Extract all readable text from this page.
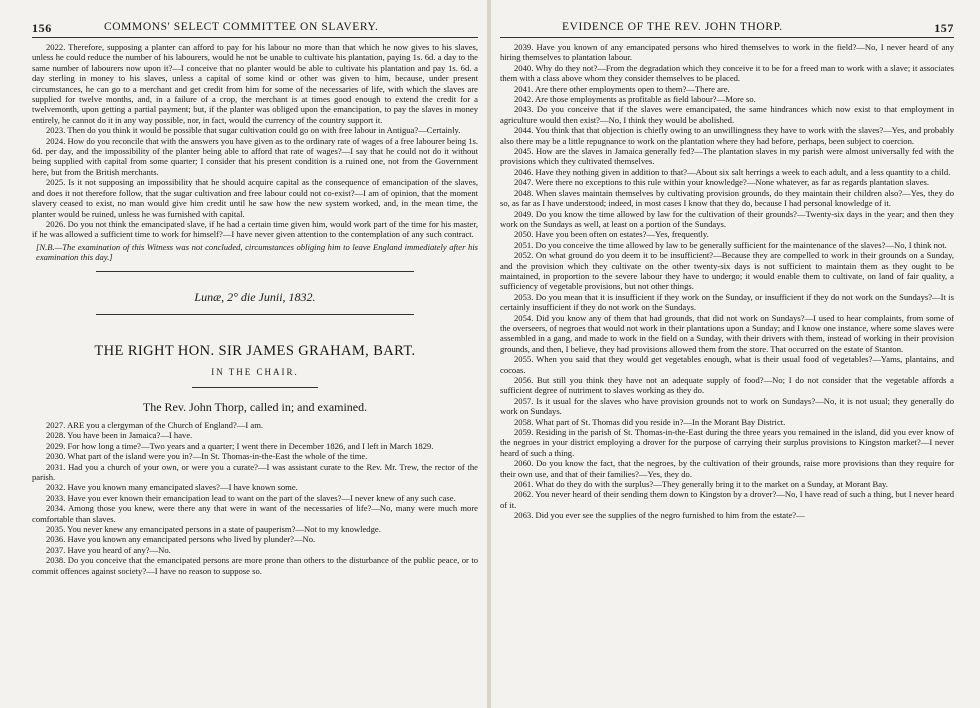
156	COMMONS' SELECT COMMITTEE ON SLAVERY.

2022. Therefore, supposing a planter can afford to pay for his labour no more than that which he now gives to his slaves, unless he could reduce the number of his labourers, would he not be unable to cultivate his plantation, paying 1s. 6d. a day to the same number of labourers now upon it?—I conceive that no planter would be able to cultivate his plantation and pay 1s. 6d. a day sterling in money to his slaves, unless a capital of some kind or other was given to him, because, under present circumstances, he can go to a merchant and get credit from him for some of the necessaries of life, with which the slaves are supplied for twelve months, and, in a failure of a crop, the merchant is at times good enough to extend the credit for a twelvemonth, upon getting a partial payment; but, if the planter was obliged upon the emancipation, to pay the slaves in money entirely, he cannot do it in any way possible, nor, in fact, would the currency of the country support it.

2023. Then do you think it would be possible that sugar cultivation could go on with free labour in Antigua?—Certainly.

2024. How do you reconcile that with the answers you have given as to the ordinary rate of wages of a free labourer being 1s. 6d. per day, and the impossibility of the planter being able to afford that rate of wages?—I say that he could not do it without being supplied with capital from some quarter; I consider that his present condition is a ruined one, not from the Government here, but from the British merchants.

2025. Is it not supposing an impossibility that he should acquire capital as the consequence of emancipation of the slaves, and does it not therefore follow, that the sugar cultivation and free labour could not co-exist?—I am of opinion, that the moment slavery ceased to exist, no man would give him credit until he saw how the new system worked, and, in the mean time, the planter would be ruined, unless he was furnished with capital.

2026. Do you not think the emancipated slave, if he had a certain time given him, would work part of the time for his master, if he was allowed a sufficient time to work for himself?—I have never given attention to the contemplation of any such contract.

[N.B.—The examination of this Witness was not concluded, circumstances obliging him to leave England immediately after his examination this day.]

Lunæ, 2° die Junii, 1832.

THE RIGHT HON. SIR JAMES GRAHAM, BART.

IN THE CHAIR.

The Rev. John Thorp, called in; and examined.

2027. ARE you a clergyman of the Church of England?—I am.

2028. You have been in Jamaica?—I have.

2029. For how long a time?—Two years and a quarter; I went there in December 1826, and I left in March 1829.

2030. What part of the island were you in?—In St. Thomas-in-the-East the whole of the time.

2031. Had you a church of your own, or were you a curate?—I was assistant curate to the Rev. Mr. Trew, the rector of the parish.

2032. Have you known many emancipated slaves?—I have known some.

2033. Have you ever known their emancipation lead to want on the part of the slaves?—I never knew of any such case.

2034. Among those you knew, were there any that were in want of the necessaries of life?—No, many were much more comfortable than slaves.

2035. You never knew any emancipated persons in a state of pauperism?—Not to my knowledge.

2036. Have you known any emancipated persons who lived by plunder?—No.

2037. Have you heard of any?—No.

2038. Do you conceive that the emancipated persons are more prone than others to the disturbance of the public peace, or to commit offences against society?—I have no reason to suppose so.

EVIDENCE OF THE REV. JOHN THORP.	157

2039. Have you known of any emancipated persons who hired themselves to work in the field?—No, I never heard of any hiring themselves to plantation labour.

2040. Why do they not?—From the degradation which they conceive it to be for a freed man to work with a slave; it associates them with a class above whom they consider themselves to be placed.

2041. Are there other employments open to them?—There are.

2042. Are those employments as profitable as field labour?—More so.

2043. Do you conceive that if the slaves were emancipated, the same hindrances which now exist to that employment in agriculture would then exist?—No, I think they would be abolished.

2044. You think that that objection is chiefly owing to an unwillingness they have to work with the slaves?—Yes, and probably also there may be a little repugnance to work on the plantation where they had before, perhaps, been subject to coercion.

2045. How are the slaves in Jamaica generally fed?—The plantation slaves in my parish were almost universally fed with the provisions which they cultivated themselves.

2046. Have they nothing given in addition to that?—About six salt herrings a week to each adult, and a less quantity to a child.

2047. Were there no exceptions to this rule within your knowledge?—None whatever, as far as regards plantation slaves.

2048. When slaves maintain themselves by cultivating provision grounds, do they maintain their children also?—Yes, they do so, as far as I have understood; indeed, in most cases I know that they do, because I had personal knowledge of it.

2049. Do you know the time allowed by law for the cultivation of their grounds?—Twenty-six days in the year; and then they work on the Sundays as well, at least on a portion of the Sundays.

2050. Have you been often on estates?—Yes, frequently.

2051. Do you conceive the time allowed by law to be generally sufficient for the maintenance of the slaves?—No, I think not.

2052. On what ground do you deem it to be insufficient?—Because they are compelled to work in their grounds on a Sunday, and the provision which they cultivate on the other twenty-six days is not sufficient to maintain them as they ought to be maintained, in proportion to the severe labour they have to undergo; it would enable them to cultivate, on land of fair quality, a sufficiency of vegetable provisions, but not other things.

2053. Do you mean that it is insufficient if they work on the Sunday, or insufficient if they do not work on the Sundays?—It is certainly insufficient if they do not work on the Sundays.

2054. Did you know any of them that had grounds, that did not work on Sundays?—I used to hear complaints, from some of the overseers, of negroes that would not work in their plantations upon a Sunday; and I know one instance, where some slaves were assembled in a gang, and made to work in the field on a Sunday, with their drivers with them, instead of working in their provision grounds, and then, I believe, they had provisions allowed them from the store. That occurred on the estate of Stanton.

2055. When you said that they would get vegetables enough, what is their usual food of vegetables?—Yams, plantains, and cocoas.

2056. But still you think they have not an adequate supply of food?—No; I do not consider that the vegetable affords a sufficient degree of nutriment to slaves working as they do.

2057. Is it usual for the slaves who have provision grounds not to work on Sundays?—No, it is not usual; they generally do work on Sundays.

2058. What part of St. Thomas did you reside in?—In the Morant Bay District.

2059. Residing in the parish of St. Thomas-in-the-East during the three years you remained in the island, did you ever know of the negroes in your district employing a drover for the purpose of carrying their surplus provisions to Kingston market?—I never heard of such a thing.

2060. Do you know the fact, that the negroes, by the cultivation of their grounds, raise more provisions than they require for their own use, and that of their families?—Yes, they do.

2061. What do they do with the surplus?—They generally bring it to the market on a Sunday, at Morant Bay.

2062. You never heard of their sending them down to Kingston by a drover?—No, I have read of such a thing, but I never heard of it.

2063. Did you ever see the supplies of the negro furnished to him from the estate?—
